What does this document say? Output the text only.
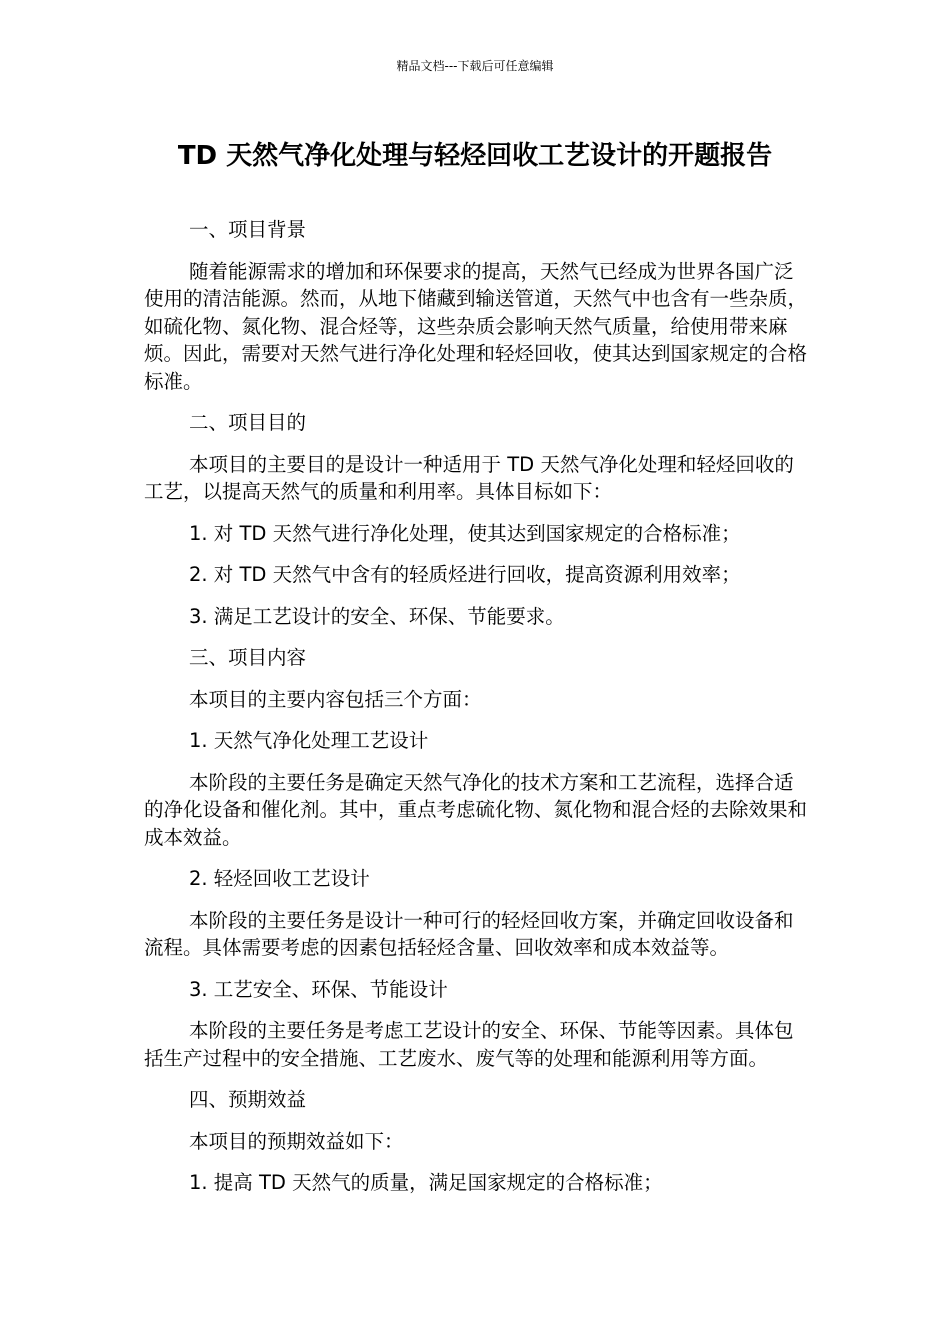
精品文档---下载后可任意编辑
TD 天然气净化处理与轻烃回收工艺设计的开题报告

一、项目背景

随着能源需求的增加和环保要求的提高，天然气已经成为世界各国广泛使用的清洁能源。然而，从地下储藏到输送管道，天然气中也含有一些杂质，如硫化物、氮化物、混合烃等，这些杂质会影响天然气质量，给使用带来麻烦。因此，需要对天然气进行净化处理和轻烃回收，使其达到国家规定的合格标准。

二、项目目的

本项目的主要目的是设计一种适用于 TD 天然气净化处理和轻烃回收的工艺，以提高天然气的质量和利用率。具体目标如下：

1. 对 TD 天然气进行净化处理，使其达到国家规定的合格标准；

2. 对 TD 天然气中含有的轻质烃进行回收，提高资源利用效率；

3. 满足工艺设计的安全、环保、节能要求。

三、项目内容

本项目的主要内容包括三个方面：

1. 天然气净化处理工艺设计

本阶段的主要任务是确定天然气净化的技术方案和工艺流程，选择合适的净化设备和催化剂。其中，重点考虑硫化物、氮化物和混合烃的去除效果和成本效益。

2. 轻烃回收工艺设计

本阶段的主要任务是设计一种可行的轻烃回收方案，并确定回收设备和流程。具体需要考虑的因素包括轻烃含量、回收效率和成本效益等。

3. 工艺安全、环保、节能设计

本阶段的主要任务是考虑工艺设计的安全、环保、节能等因素。具体包括生产过程中的安全措施、工艺废水、废气等的处理和能源利用等方面。

四、预期效益

本项目的预期效益如下：

1. 提高 TD 天然气的质量，满足国家规定的合格标准；
